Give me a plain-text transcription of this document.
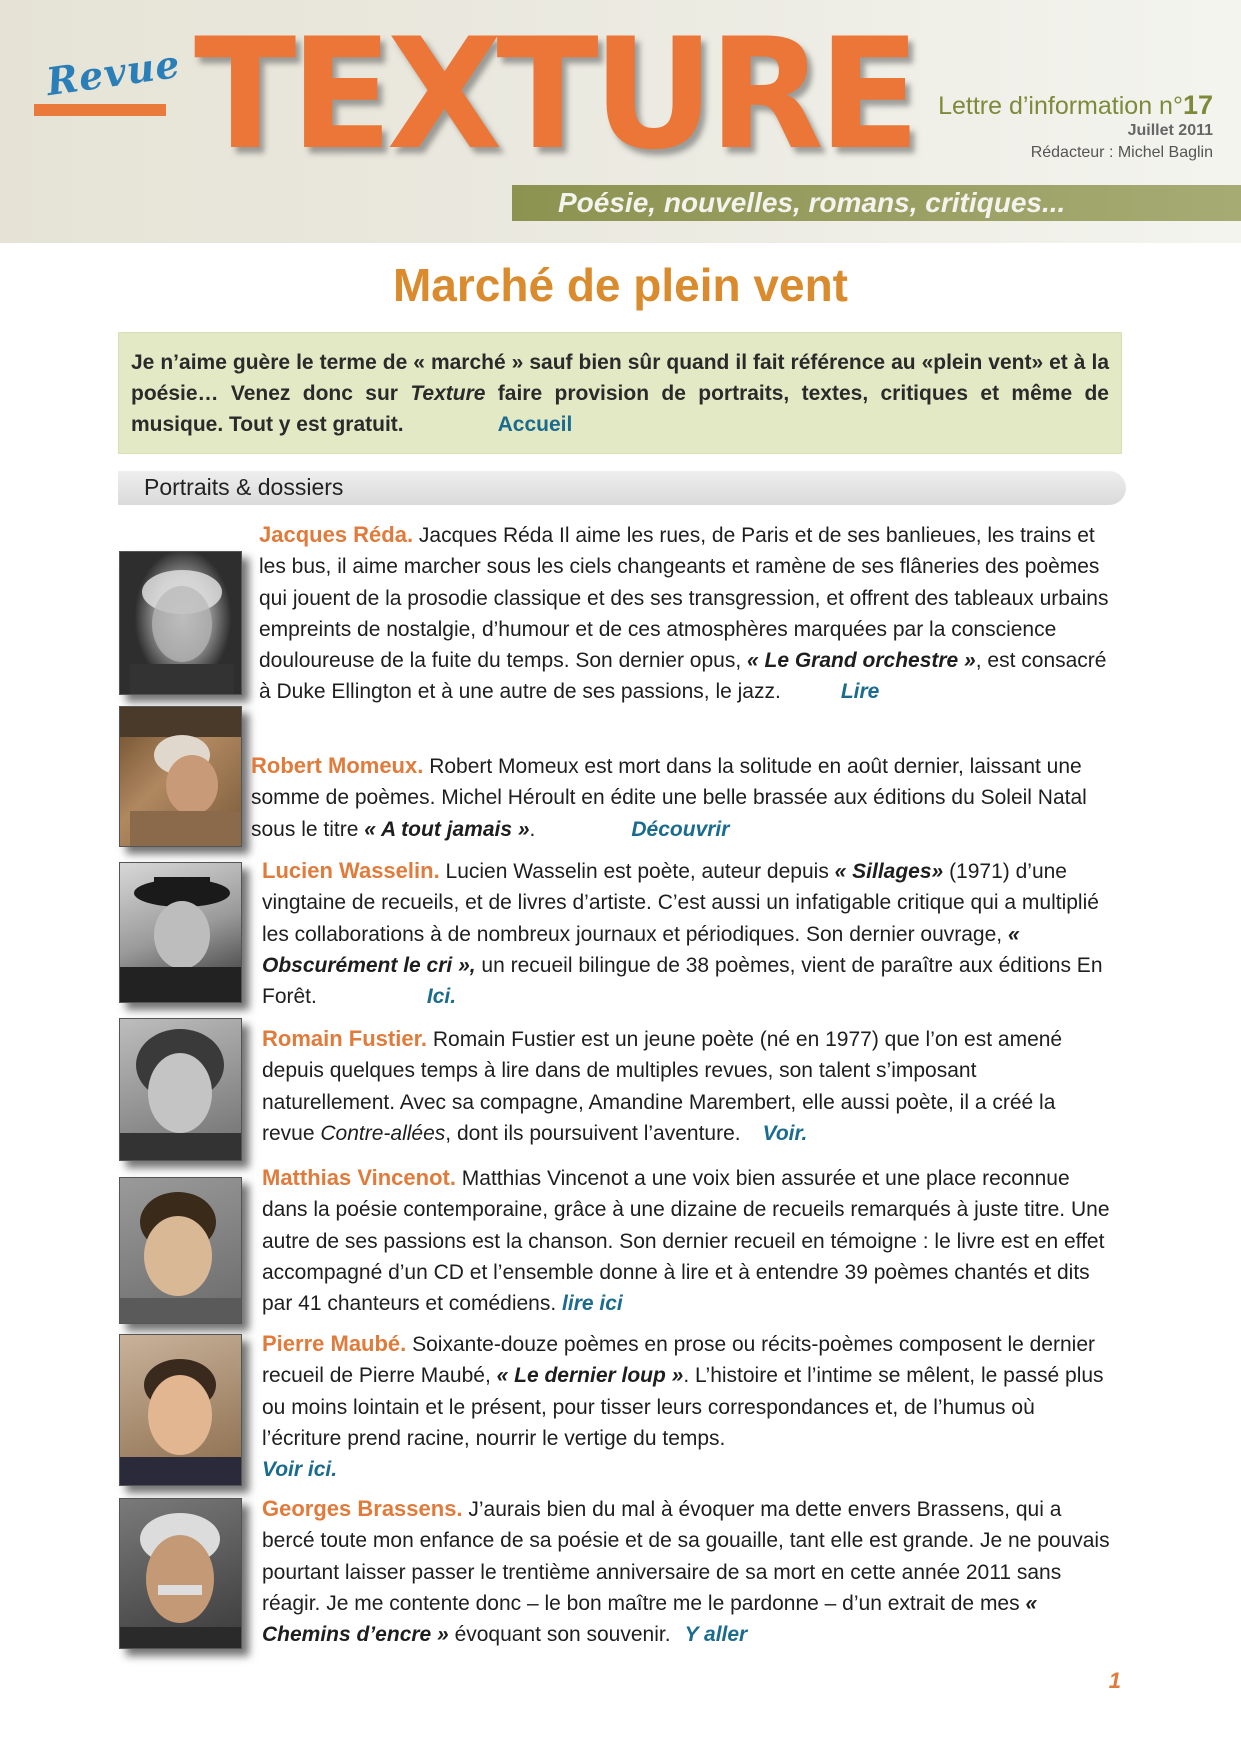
Revue TEXTURE Lettre d’information n°17
Juillet 2011
Rédacteur : Michel Baglin
Poésie, nouvelles, romans, critiques...
Marché de plein vent

Je n’aime guère le terme de « marché » sauf bien sûr quand il fait référence au «plein vent» et à la poésie… Venez donc sur Texture faire provision de portraits, textes, critiques et même de musique. Tout y est gratuit.	Accueil

Portraits & dossiers

Jacques Réda. Jacques Réda Il aime les rues, de Paris et de ses banlieues, les trains et les bus, il aime marcher sous les ciels changeants et ramène de ses flâneries des poèmes qui jouent de la prosodie classique et des ses transgression, et offrent des tableaux urbains empreints de nostalgie, d’humour et de ces atmosphères marquées par la conscience douloureuse de la fuite du temps. Son dernier opus, « Le Grand orchestre », est consacré à Duke Ellington et à une autre de ses passions, le jazz.	Lire

Robert Momeux. Robert Momeux est mort dans la solitude en août dernier, laissant une somme de poèmes. Michel Héroult en édite une belle brassée aux éditions du Soleil Natal sous le titre « A tout jamais ».	Découvrir

Lucien Wasselin. Lucien Wasselin est poète, auteur depuis « Sillages» (1971) d’une vingtaine de recueils, et de livres d’artiste. C’est aussi un infatigable critique qui a multiplié les collaborations à de nombreux journaux et périodiques. Son dernier ouvrage, « Obscurément le cri », un recueil bilingue de 38 poèmes, vient de paraître aux éditions En Forêt.	Ici.

Romain Fustier. Romain Fustier est un jeune poète (né en 1977) que l’on est amené depuis quelques temps à lire dans de multiples revues, son talent s’imposant naturellement. Avec sa compagne, Amandine Marembert, elle aussi poète, il a créé la revue Contre-allées, dont ils poursuivent l’aventure. Voir.

Matthias Vincenot. Matthias Vincenot a une voix bien assurée et une place reconnue dans la poésie contemporaine, grâce à une dizaine de recueils remarqués à juste titre. Une autre de ses passions est la chanson. Son dernier recueil en témoigne : le livre est en effet accompagné d’un CD et l’ensemble donne à lire et à entendre 39 poèmes chantés et dits par 41 chanteurs et comédiens. lire ici

Pierre Maubé. Soixante-douze poèmes en prose ou récits-poèmes composent le dernier recueil de Pierre Maubé, « Le dernier loup ». L’histoire et l’intime se mêlent, le passé plus ou moins lointain et le présent, pour tisser leurs correspondances et, de l’humus où l’écriture prend racine, nourrir le vertige du temps.
Voir ici.

Georges Brassens. J’aurais bien du mal à évoquer ma dette envers Brassens, qui a bercé toute mon enfance de sa poésie et de sa gouaille, tant elle est grande. Je ne pouvais pourtant laisser passer le trentième anniversaire de sa mort en cette année 2011 sans réagir. Je me contente donc – le bon maître me le pardonne – d’un extrait de mes « Chemins d’encre » évoquant son souvenir. Y aller

1
